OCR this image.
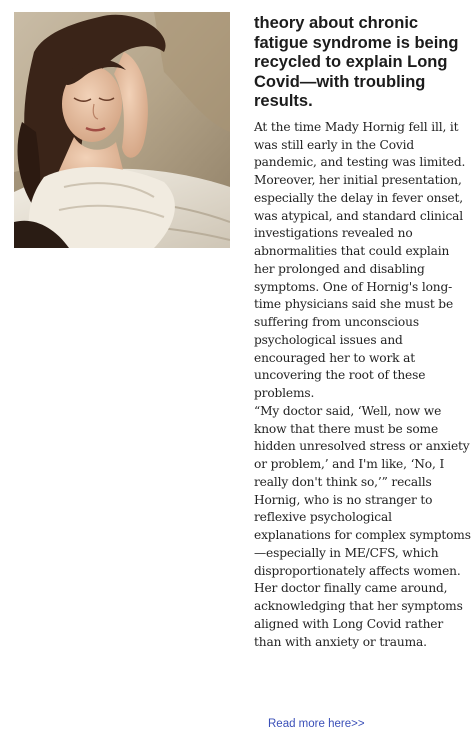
theory about chronic fatigue syndrome is being recycled to explain Long Covid—with troubling results.

At the time Mady Hornig fell ill, it was still early in the Covid pandemic, and testing was limited. Moreover, her initial presentation, especially the delay in fever onset, was atypical, and standard clinical investigations revealed no abnormalities that could explain her prolonged and disabling symptoms. One of Hornig's long-time physicians said she must be suffering from unconscious psychological issues and encouraged her to work at uncovering the root of these problems.

“My doctor said, ‘Well, now we know that there must be some hidden unresolved stress or anxiety or problem,’ and I'm like, ‘No, I really don't think so,’” recalls Hornig, who is no stranger to reflexive psychological explanations for complex symptoms—especially in ME/CFS, which disproportionately affects women. Her doctor finally came around, acknowledging that her symptoms aligned with Long Covid rather than with anxiety or trauma.

Read more here>>
